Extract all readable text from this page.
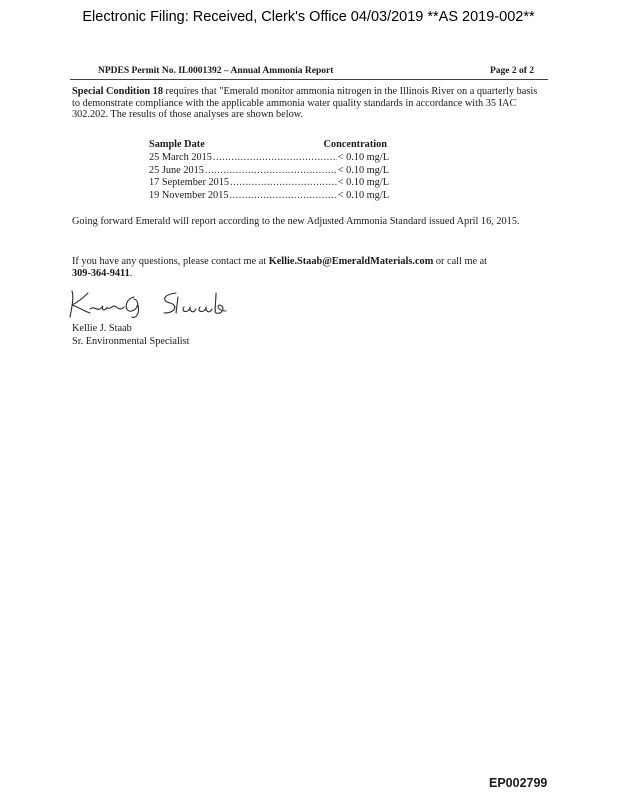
Electronic Filing: Received, Clerk's Office 04/03/2019 **AS 2019-002**
NPDES Permit No. IL0001392 – Annual Ammonia Report	Page 2 of 2
Special Condition 18 requires that "Emerald monitor ammonia nitrogen in the Illinois River on a quarterly basis to demonstrate compliance with the applicable ammonia water quality standards in accordance with 35 IAC 302.202. The results of those analyses are shown below.
Sample Date	Concentration
25 March 2015 .....	< 0.10 mg/L
25 June 2015 .....	< 0.10 mg/L
17 September 2015 .....	< 0.10 mg/L
19 November 2015 .....	< 0.10 mg/L
Going forward Emerald will report according to the new Adjusted Ammonia Standard issued April 16, 2015.
If you have any questions, please contact me at Kellie.Staab@EmeraldMaterials.com or call me at
309-364-9411.
Kellie J. Staab
Sr. Environmental Specialist
EP002799
